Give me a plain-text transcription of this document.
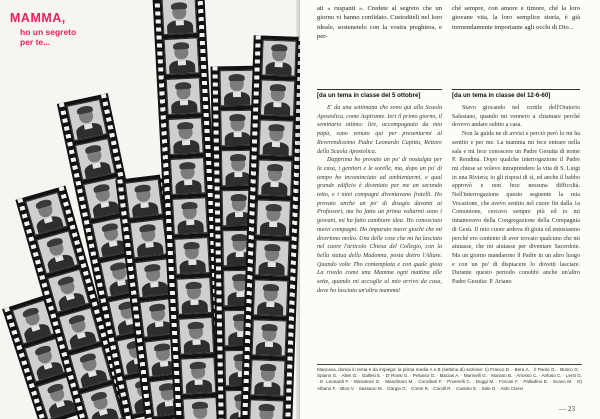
MAMMA,
ho un segreto
per te...
ati « ruspanti ». Credete al segreto che un giorno vi hanno confidato. Custoditeli nel loro ideale, sostenetelo con la vostra preghiera, e per-
ché sempre, con amore e timore, ché la loro giovane vita, la loro semplice storia, è già tremendamente importante agli occhi di Dio...
[da un tema in classe del 5 ottobre]	[da un tema in classe del 12-6-60]

E' da una settimana che sono qui alla Scuola Apostolica, come Aspirante. Ieri il primo giorno, il seminario ottimo: lire, accompagnato da mio papà, sono venuto qui per presentarmi al Reverendissimo Padre Leonardo Capitta, Rettore della Scuola Apostolica.

Dapprima ho provato un po' di nostalgia per la casa, i genitori e le sorelle, ma, dopo un po' di tempo ho incominciato ad ambientarmi, e qual grande edificio è diventato per me un secondo tetto, e i miei compagni diventavano fratelli. Ho provato anche un po' di disagio davanti ai Professori, ma ho fatto un prima voltarmi sono i giovani, mi ha fatto cambiare idea. Ho conosciuto nuovi compagni. Ho imparato nuovi giochi che mi divertono molto. Una delle cose che mi ha lasciato nel cuore l'articolo Chiesa del Collegio, con la bella statua della Madonna, posta dietro l'Altare. Quando volte Tho contemplata e con quale gioia La rivedo come una Mamma ogni mattina alle sette, quando mi accoglie al mio arrivo da casa, dove ho lasciato un'altra mamma!

Stavo giocando nel cortile dell'Oratorio Salesiano, quando mi vennero a chiamare perché dovevo andare subito a casa.

Non la guida ne di avvisi e perciò però lo mi ha sentito e per me. La mamma mi fece entrare nella sala e mi fece conoscere un Padre Gesuita di nome P. Rendina. Dopo qualche interrogazione il Padre mi chiese se volevo intraprendere la vita di S. Luigi in una Riviera; io gli risposi di sì, ed anche il babbo approvò e non fece nessuna difficoltà. Nell'interrogazione questo seguente la mia Vocazione, che avevo sentito nel cuore fin dalla 1a Comunione, cercavo sempre più ed io mi innamoravo della Congregazione della Compagnia di Gesù. Il mio cuore ardeva di gioia ed entusiasmo perché ero contento di aver trovato qualcuno che mi aiutasse, che mi aiutasse per diventare Sacerdote. Ma un giorno mandarono il Padre in un altro luogo e con un po' di dispiacere lo dovetti lasciare. Durante questo periodo conobbi anche un'altro Padre Gesuita: P. Ariano

Mancava, domai in tema e da impiego: la prima media A e B (settima di) sezione: 1) Franco D. · Bera A. · Il Paolo G. · Bosco G. · Spiano G. · Alles G. · Gallesi E. · D' Rossi G. · Pelusso G. · Macias A. · Marinelli G. · Marano B. · Ariosso C. · Anfuso C. · Lenti G. · E. Leonardi F. · Miceatore G. · Mandinaro M. · Conciliari F. · Poverelli C. · Duggi M. · Forcari F. · Palladino E. · Scavo M. · D) Albano F. · Bloo V. · Sassano M. · Gargia G. · Conte R. · Corvill R. · Cantino E. · Sale D. · Aldo Ctersi
— 23
